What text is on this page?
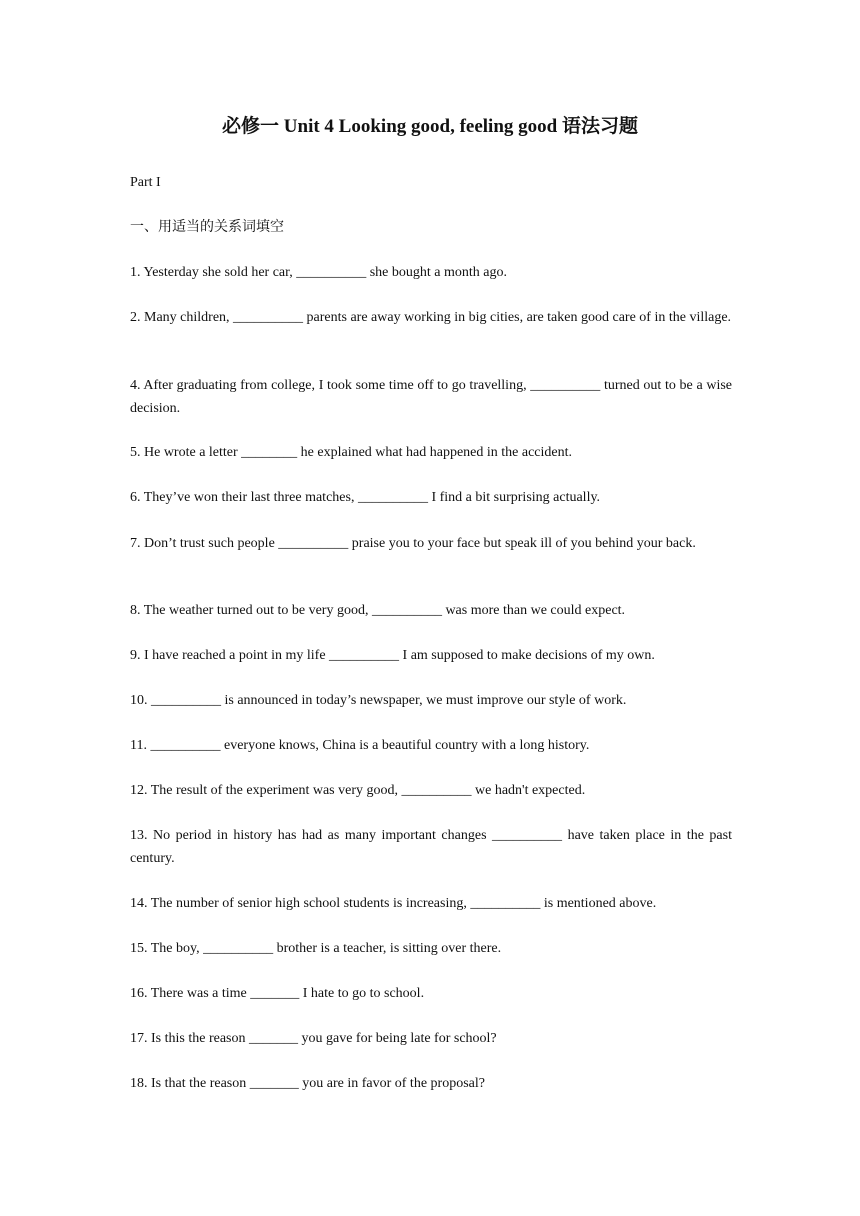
必修一 Unit 4 Looking good, feeling good 语法习题
Part I
一、用适当的关系词填空
1. Yesterday she sold her car, __________ she bought a month ago.
2. Many children, __________ parents are away working in big cities, are taken good care of in the village.
4. After graduating from college, I took some time off to go travelling, __________ turned out to be a wise decision.
5. He wrote a letter ________ he explained what had happened in the accident.
6. They’ve won their last three matches, __________ I find a bit surprising actually.
7. Don’t trust such people __________ praise you to your face but speak ill of you behind your back.
8. The weather turned out to be very good, __________ was more than we could expect.
9. I have reached a point in my life __________ I am supposed to make decisions of my own.
10. __________ is announced in today’s newspaper, we must improve our style of work.
11. __________ everyone knows, China is a beautiful country with a long history.
12. The result of the experiment was very good, __________ we hadn't expected.
13. No period in history has had as many important changes __________ have taken place in the past century.
14. The number of senior high school students is increasing, __________ is mentioned above.
15. The boy, __________ brother is a teacher, is sitting over there.
16. There was a time _______ I hate to go to school.
17. Is this the reason _______ you gave for being late for school?
18. Is that the reason _______ you are in favor of the proposal?
